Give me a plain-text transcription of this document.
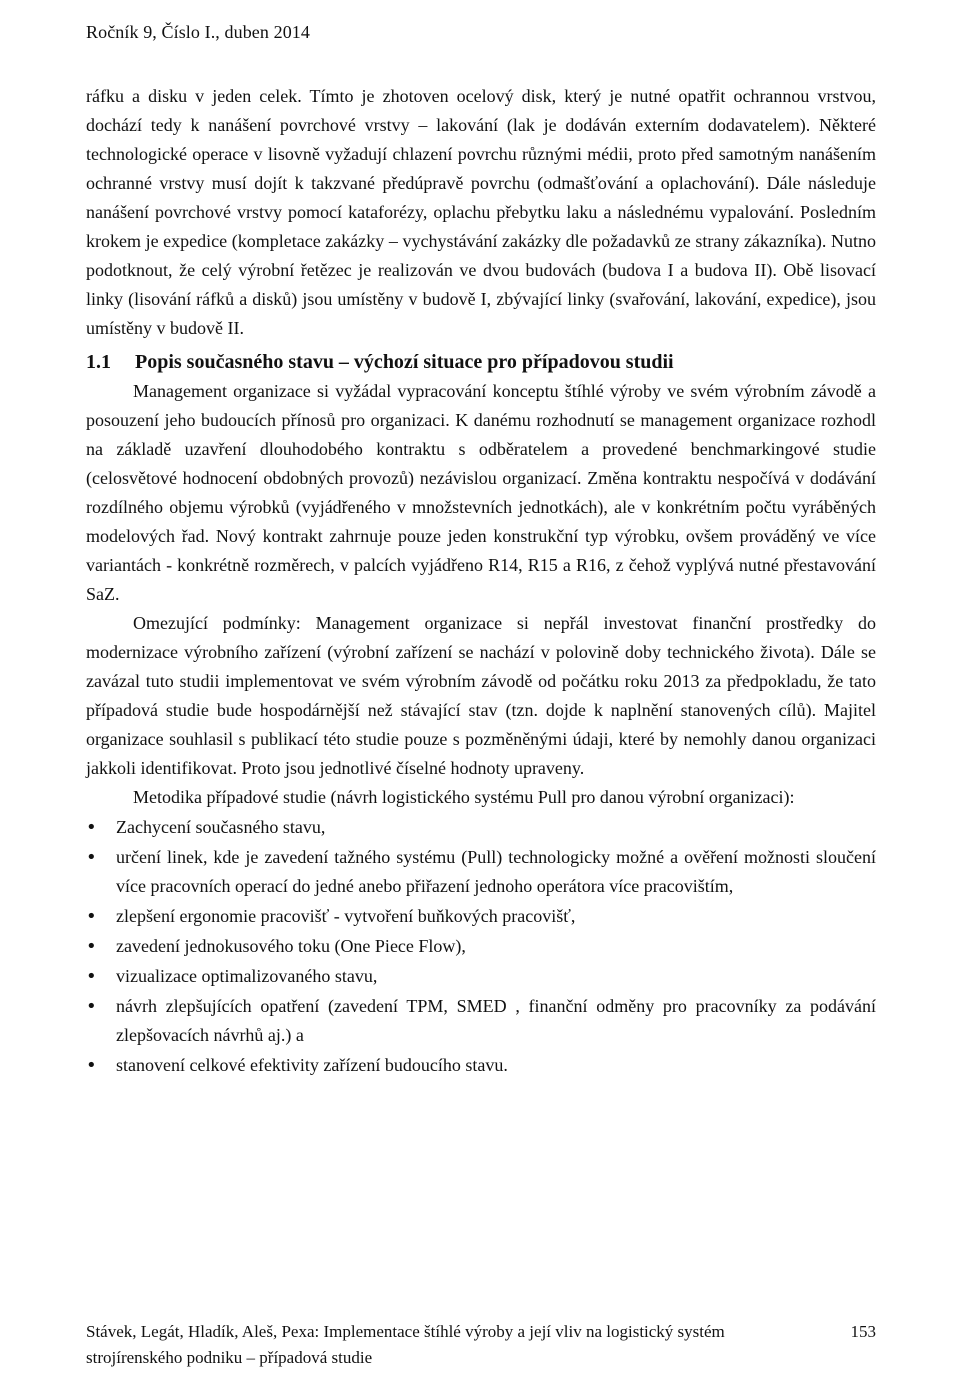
Ročník 9, Číslo I., duben 2014

ráfku a disku v jeden celek. Tímto je zhotoven ocelový disk, který je nutné opatřit ochrannou vrstvou, dochází tedy k nanášení povrchové vrstvy – lakování (lak je dodáván externím dodavatelem). Některé technologické operace v lisovně vyžadují chlazení povrchu různými médii, proto před samotným nanášením ochranné vrstvy musí dojít k takzvané předúpravě povrchu (odmašťování a oplachování). Dále následuje nanášení povrchové vrstvy pomocí kataforézy, oplachu přebytku laku a následnému vypalování. Posledním krokem je expedice (kompletace zakázky – vychystávání zakázky dle požadavků ze strany zákazníka). Nutno podotknout, že celý výrobní řetězec je realizován ve dvou budovách (budova I a budova II). Obě lisovací linky (lisování ráfků a disků) jsou umístěny v budově I, zbývající linky (svařování, lakování, expedice), jsou umístěny v budově II.

1.1 Popis současného stavu – výchozí situace pro případovou studii

Management organizace si vyžádal vypracování konceptu štíhlé výroby ve svém výrobním závodě a posouzení jeho budoucích přínosů pro organizaci. K danému rozhodnutí se management organizace rozhodl na základě uzavření dlouhodobého kontraktu s odběratelem a provedené benchmarkingové studie (celosvětové hodnocení obdobných provozů) nezávislou organizací. Změna kontraktu nespočívá v dodávání rozdílného objemu výrobků (vyjádřeného v množstevních jednotkách), ale v konkrétním počtu vyráběných modelových řad. Nový kontrakt zahrnuje pouze jeden konstrukční typ výrobku, ovšem prováděný ve více variantách - konkrétně rozměrech, v palcích vyjádřeno R14, R15 a R16, z čehož vyplývá nutné přestavování SaZ.

Omezující podmínky: Management organizace si nepřál investovat finanční prostředky do modernizace výrobního zařízení (výrobní zařízení se nachází v polovině doby technického života). Dále se zavázal tuto studii implementovat ve svém výrobním závodě od počátku roku 2013 za předpokladu, že tato případová studie bude hospodárnější než stávající stav (tzn. dojde k naplnění stanovených cílů). Majitel organizace souhlasil s publikací této studie pouze s pozměněnými údaji, které by nemohly danou organizaci jakkoli identifikovat. Proto jsou jednotlivé číselné hodnoty upraveny.

Metodika případové studie (návrh logistického systému Pull pro danou výrobní organizaci):

• Zachycení současného stavu,
• určení linek, kde je zavedení tažného systému (Pull) technologicky možné a ověření možnosti sloučení více pracovních operací do jedné anebo přiřazení jednoho operátora více pracovištím,
• zlepšení ergonomie pracovišť - vytvoření buňkových pracovišť,
• zavedení jednokusového toku (One Piece Flow),
• vizualizace optimalizovaného stavu,
• návrh zlepšujících opatření (zavedení TPM, SMED , finanční odměny pro pracovníky za podávání zlepšovacích návrhů aj.) a
• stanovení celkové efektivity zařízení budoucího stavu.
Stávek, Legát, Hladík, Aleš, Pexa: Implementace štíhlé výroby a její vliv na logistický systém strojírenského podniku – případová studie
153
